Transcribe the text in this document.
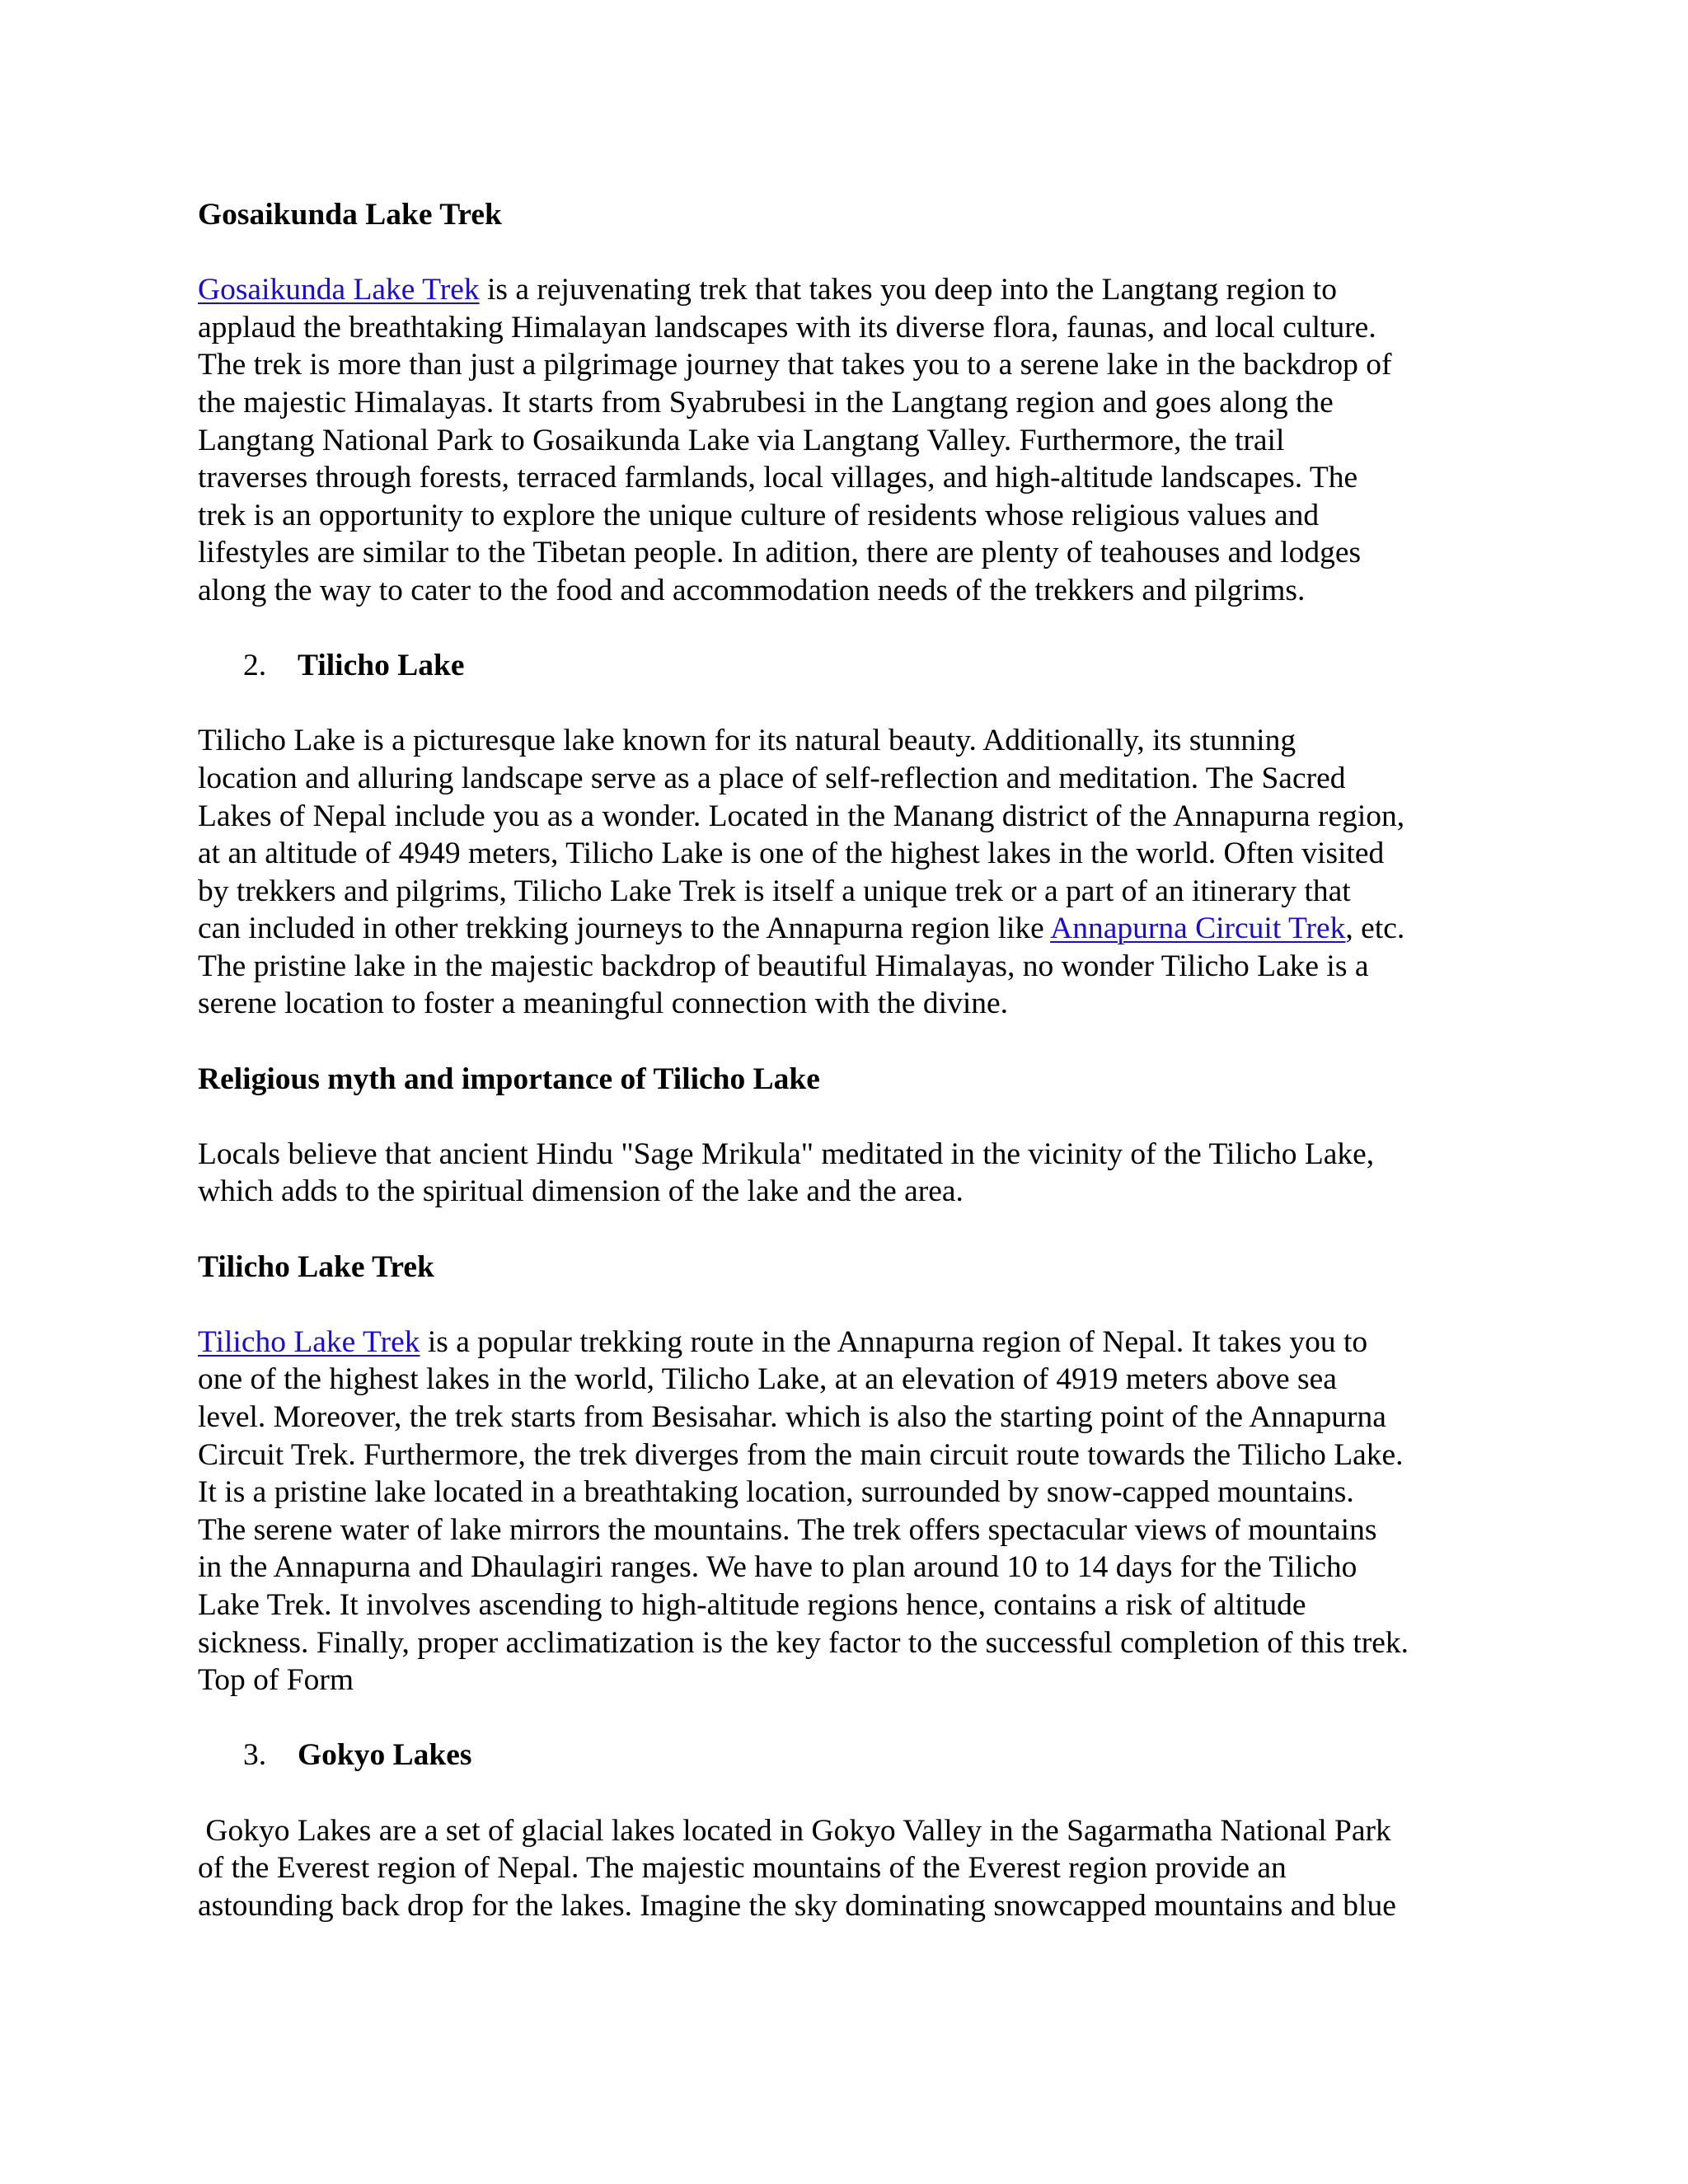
Gosaikunda Lake Trek

Gosaikunda Lake Trek is a rejuvenating trek that takes you deep into the Langtang region to
applaud the breathtaking Himalayan landscapes with its diverse flora, faunas, and local culture.
The trek is more than just a pilgrimage journey that takes you to a serene lake in the backdrop of
the majestic Himalayas. It starts from Syabrubesi in the Langtang region and goes along the
Langtang National Park to Gosaikunda Lake via Langtang Valley. Furthermore, the trail
traverses through forests, terraced farmlands, local villages, and high-altitude landscapes. The
trek is an opportunity to explore the unique culture of residents whose religious values and
lifestyles are similar to the Tibetan people. In adition, there are plenty of teahouses and lodges
along the way to cater to the food and accommodation needs of the trekkers and pilgrims.

2. Tilicho Lake

Tilicho Lake is a picturesque lake known for its natural beauty. Additionally, its stunning
location and alluring landscape serve as a place of self-reflection and meditation. The Sacred
Lakes of Nepal include you as a wonder. Located in the Manang district of the Annapurna region,
at an altitude of 4949 meters, Tilicho Lake is one of the highest lakes in the world. Often visited
by trekkers and pilgrims, Tilicho Lake Trek is itself a unique trek or a part of an itinerary that
can included in other trekking journeys to the Annapurna region like Annapurna Circuit Trek, etc.
The pristine lake in the majestic backdrop of beautiful Himalayas, no wonder Tilicho Lake is a
serene location to foster a meaningful connection with the divine.

Religious myth and importance of Tilicho Lake

Locals believe that ancient Hindu "Sage Mrikula" meditated in the vicinity of the Tilicho Lake,
which adds to the spiritual dimension of the lake and the area.

Tilicho Lake Trek

Tilicho Lake Trek is a popular trekking route in the Annapurna region of Nepal. It takes you to
one of the highest lakes in the world, Tilicho Lake, at an elevation of 4919 meters above sea
level. Moreover, the trek starts from Besisahar. which is also the starting point of the Annapurna
Circuit Trek. Furthermore, the trek diverges from the main circuit route towards the Tilicho Lake.
It is a pristine lake located in a breathtaking location, surrounded by snow-capped mountains.
The serene water of lake mirrors the mountains. The trek offers spectacular views of mountains
in the Annapurna and Dhaulagiri ranges. We have to plan around 10 to 14 days for the Tilicho
Lake Trek. It involves ascending to high-altitude regions hence, contains a risk of altitude
sickness. Finally, proper acclimatization is the key factor to the successful completion of this trek.
Top of Form

3. Gokyo Lakes

Gokyo Lakes are a set of glacial lakes located in Gokyo Valley in the Sagarmatha National Park
of the Everest region of Nepal. The majestic mountains of the Everest region provide an
astounding back drop for the lakes. Imagine the sky dominating snowcapped mountains and blue
